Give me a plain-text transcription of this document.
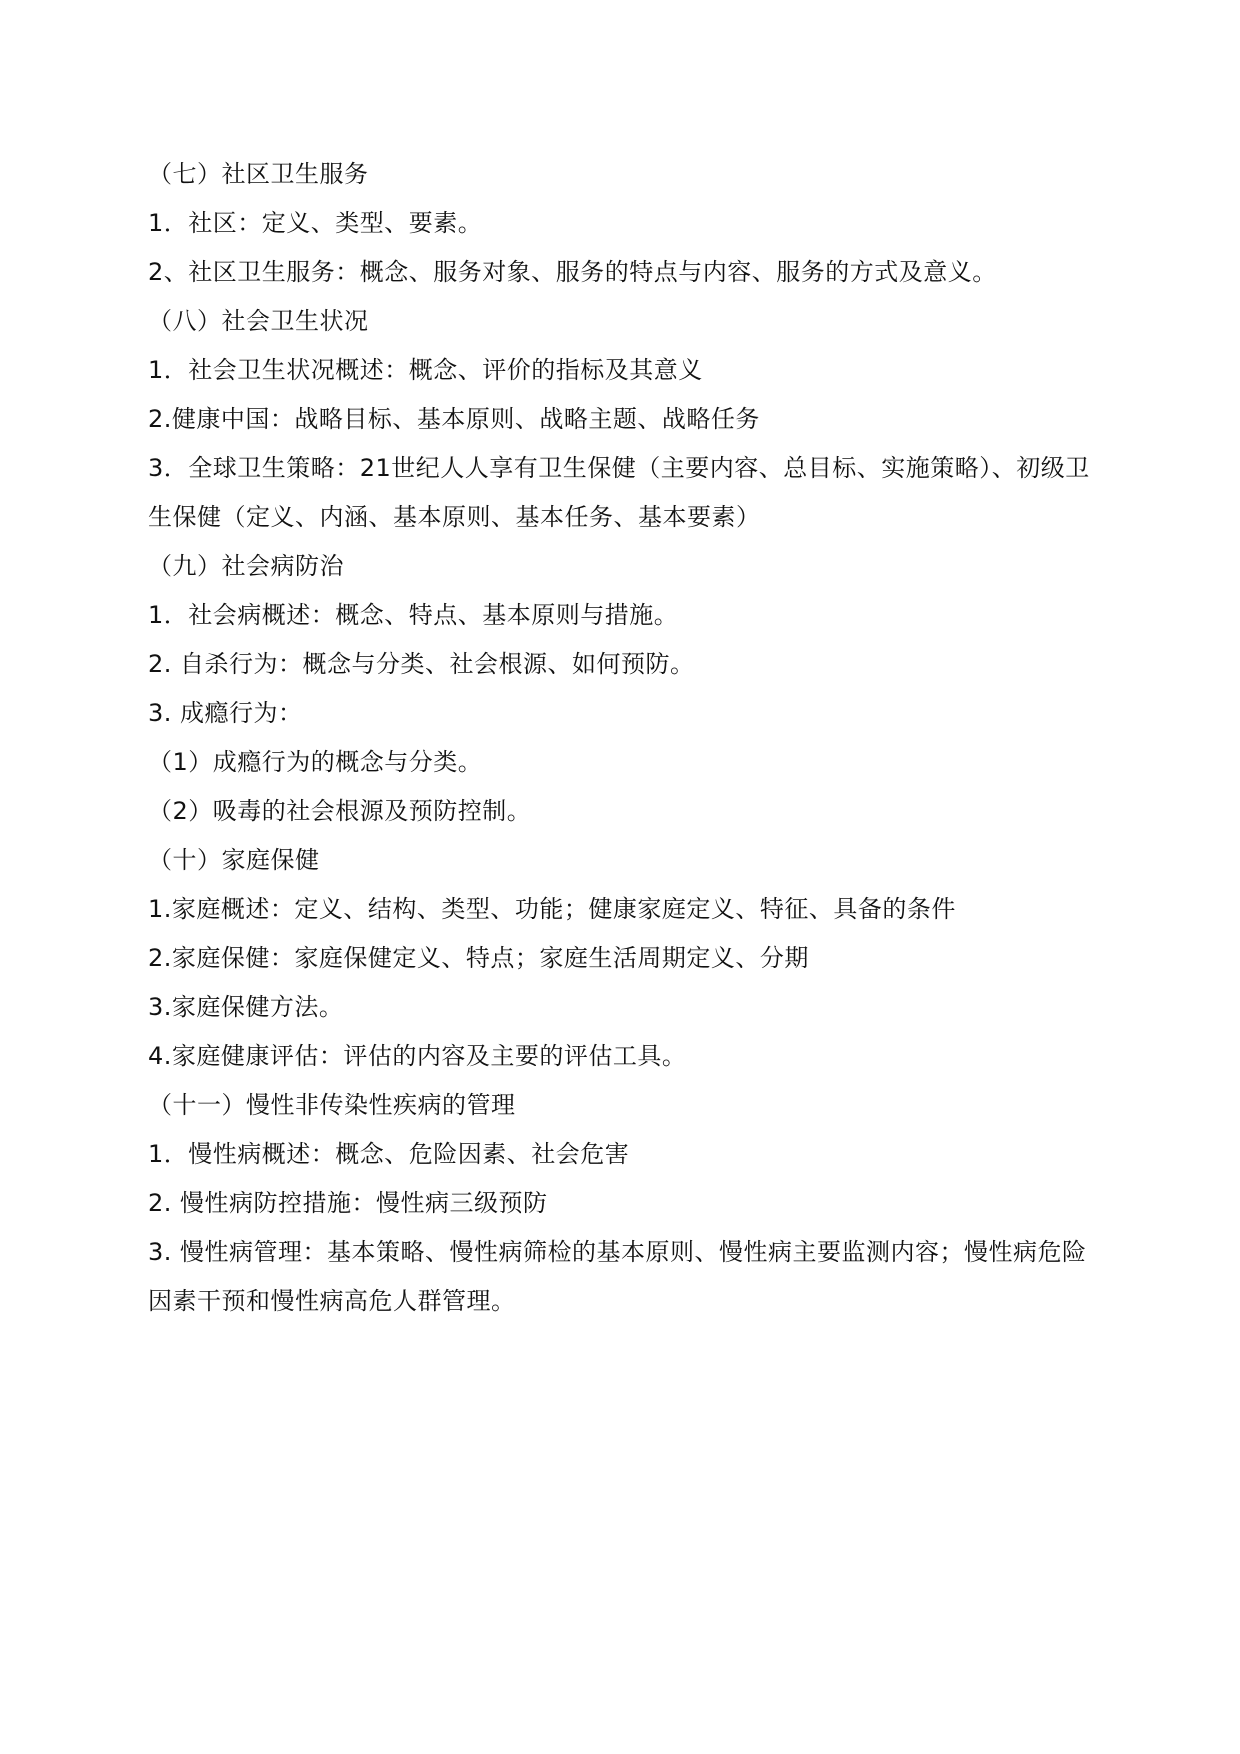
（七）社区卫生服务
1．社区：定义、类型、要素。
2、社区卫生服务：概念、服务对象、服务的特点与内容、服务的方式及意义。
（八）社会卫生状况
1．社会卫生状况概述：概念、评价的指标及其意义
2.健康中国：战略目标、基本原则、战略主题、战略任务
3．全球卫生策略：21世纪人人享有卫生保健（主要内容、总目标、实施策略）、初级卫生保健（定义、内涵、基本原则、基本任务、基本要素）
（九）社会病防治
1．社会病概述：概念、特点、基本原则与措施。
2. 自杀行为：概念与分类、社会根源、如何预防。
3. 成瘾行为：
（1）成瘾行为的概念与分类。
（2）吸毒的社会根源及预防控制。
（十）家庭保健
1.家庭概述：定义、结构、类型、功能；健康家庭定义、特征、具备的条件
2.家庭保健：家庭保健定义、特点；家庭生活周期定义、分期
3.家庭保健方法。
4.家庭健康评估：评估的内容及主要的评估工具。
（十一）慢性非传染性疾病的管理
1．慢性病概述：概念、危险因素、社会危害
2. 慢性病防控措施：慢性病三级预防
3. 慢性病管理：基本策略、慢性病筛检的基本原则、慢性病主要监测内容；慢性病危险因素干预和慢性病高危人群管理。
